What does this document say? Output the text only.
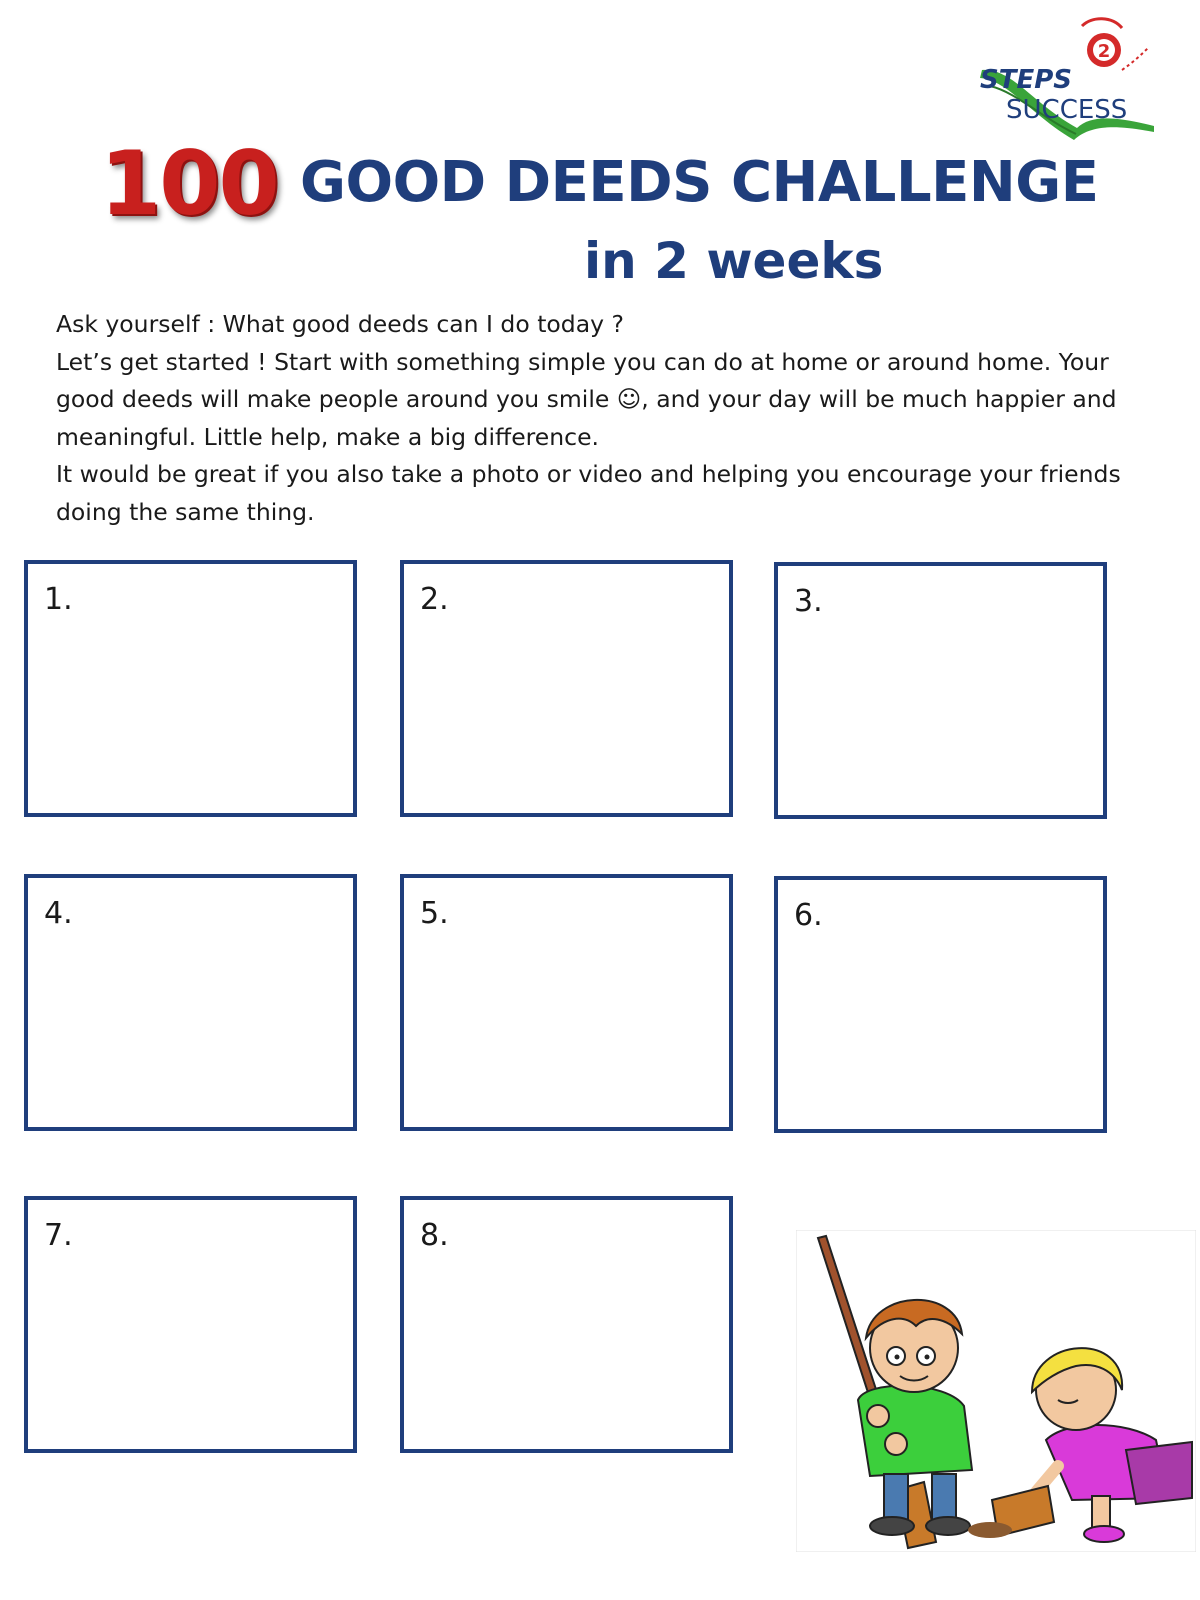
2
STEPS
SUCCESS
100 GOOD DEEDS CHALLENGE
in 2 weeks

Ask yourself : What good deeds can I do today ?

Let’s get started ! Start with something simple you can do at home or around home. Your good deeds will make people around you smile ☺, and your day will be much happier and meaningful. Little help, make a big difference.

It would be great if you also take a photo or video and helping you encourage your friends doing the same thing.

1.	2.	3.
4.	5.	6.
7.	8.
